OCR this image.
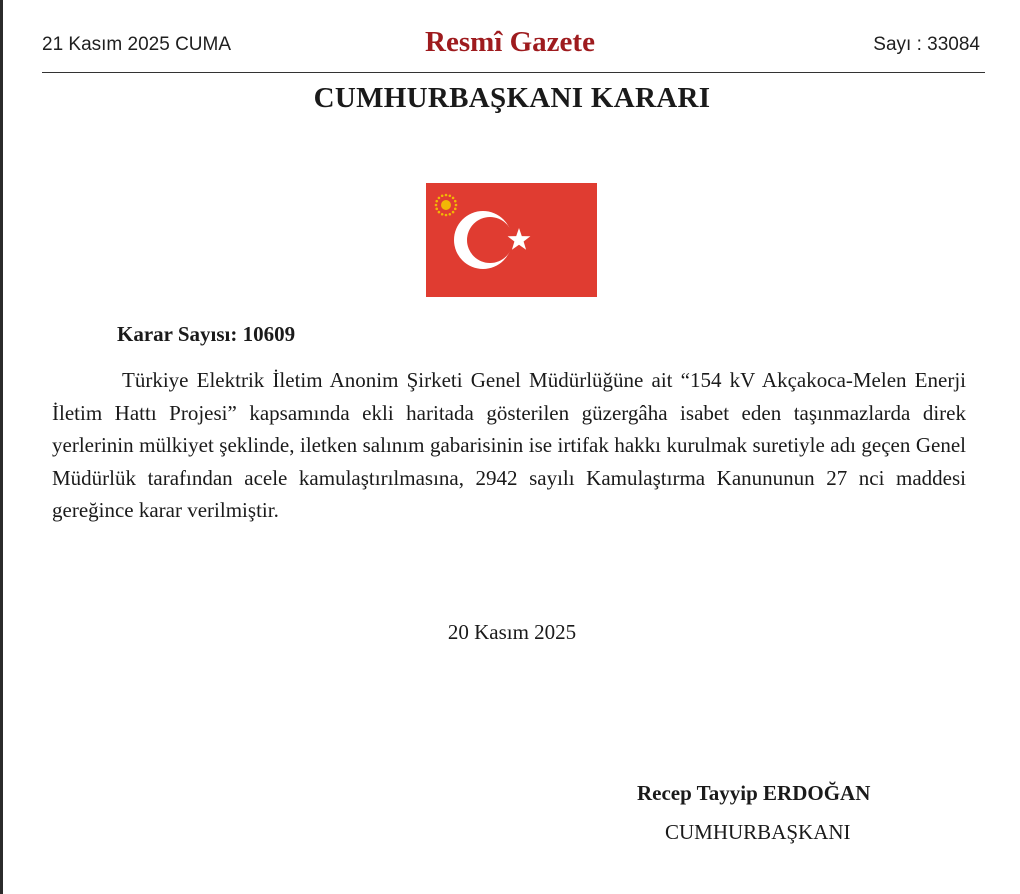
21 Kasım 2025 CUMA	Resmî Gazete	Sayı : 33084
CUMHURBAŞKANI KARARI
Karar Sayısı: 10609

Türkiye Elektrik İletim Anonim Şirketi Genel Müdürlüğüne ait “154 kV Akçakoca-Melen Enerji İletim Hattı Projesi” kapsamında ekli haritada gösterilen güzergâha isabet eden taşınmazlarda direk yerlerinin mülkiyet şeklinde, iletken salınım gabarisinin ise irtifak hakkı kurulmak suretiyle adı geçen Genel Müdürlük tarafından acele kamulaştırılmasına, 2942 sayılı Kamulaştırma Kanununun 27 nci maddesi gereğince karar verilmiştir.

20 Kasım 2025
Recep Tayyip ERDOĞAN
CUMHURBAŞKANI
